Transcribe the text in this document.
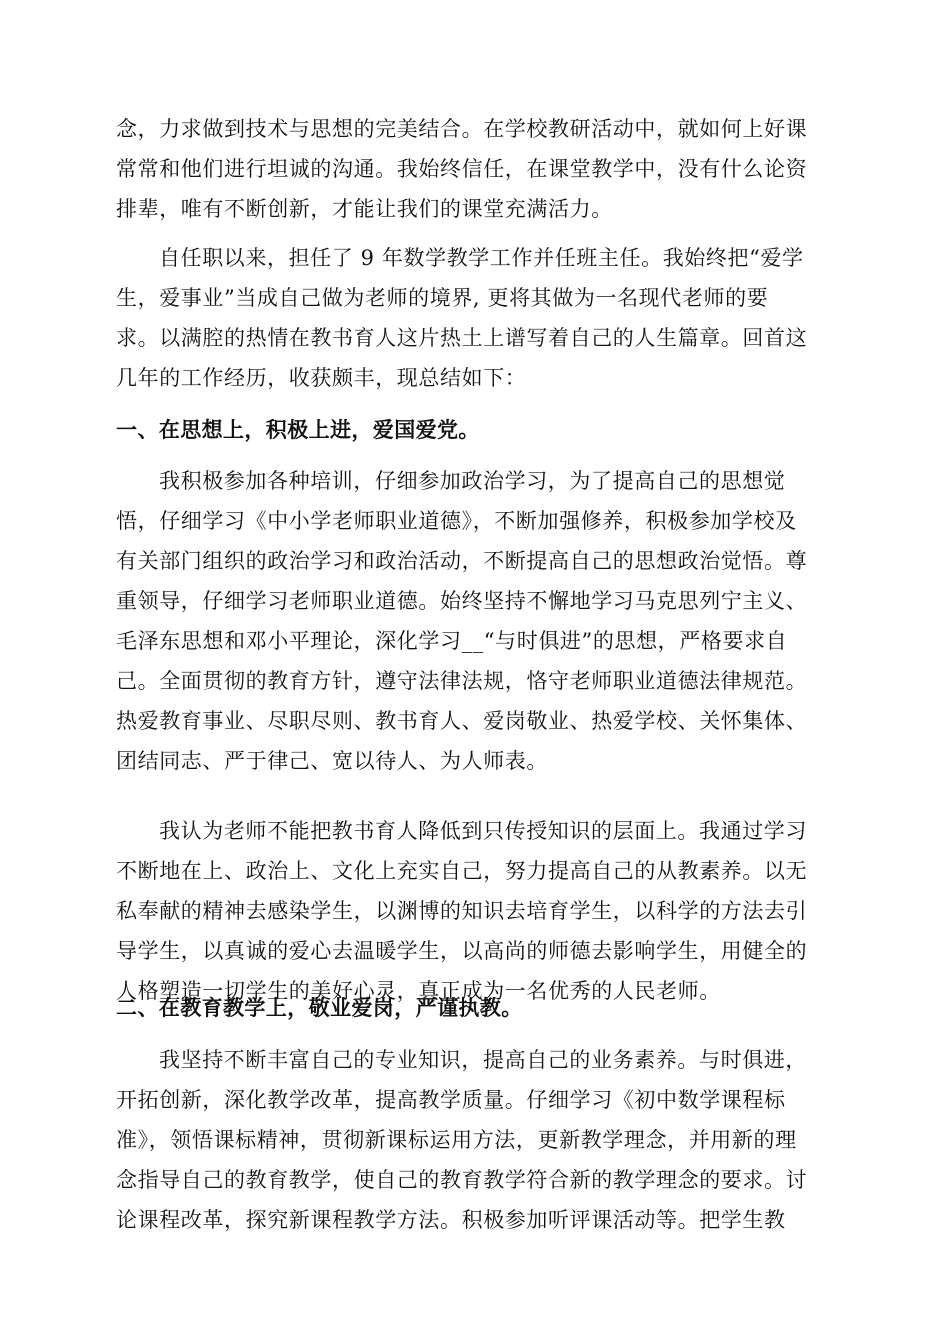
念，力求做到技术与思想的完美结合。在学校教研活动中，就如何上好课
常常和他们进行坦诚的沟通。我始终信任，在课堂教学中，没有什么论资
排辈，唯有不断创新，才能让我们的课堂充满活力。
自任职以来，担任了 9 年数学教学工作并任班主任。我始终把“爱学
生，爱事业”当成自己做为老师的境界, 更将其做为一名现代老师的要
求。以满腔的热情在教书育人这片热土上谱写着自己的人生篇章。回首这
几年的工作经历，收获颇丰，现总结如下：
一、在思想上，积极上进，爱国爱党。
我积极参加各种培训，仔细参加政治学习，为了提高自己的思想觉
悟，仔细学习《中小学老师职业道德》，不断加强修养，积极参加学校及
有关部门组织的政治学习和政治活动，不断提高自己的思想政治觉悟。尊
重领导，仔细学习老师职业道德。始终坚持不懈地学习马克思列宁主义、
毛泽东思想和邓小平理论，深化学习__“与时俱进”的思想，严格要求自
己。全面贯彻的教育方针，遵守法律法规，恪守老师职业道德法律规范。
热爱教育事业、尽职尽则、教书育人、爱岗敬业、热爱学校、关怀集体、
团结同志、严于律己、宽以待人、为人师表。
我认为老师不能把教书育人降低到只传授知识的层面上。我通过学习
不断地在上、政治上、文化上充实自己，努力提高自己的从教素养。以无
私奉献的精神去感染学生，以渊博的知识去培育学生，以科学的方法去引
导学生，以真诚的爱心去温暖学生，以高尚的师德去影响学生，用健全的
人格塑造一切学生的美好心灵，真正成为一名优秀的人民老师。
二、在教育教学上，敬业爱岗，严谨执教。
我坚持不断丰富自己的专业知识，提高自己的业务素养。与时俱进，
开拓创新，深化教学改革，提高教学质量。仔细学习《初中数学课程标
准》，领悟课标精神，贯彻新课标运用方法，更新教学理念，并用新的理
念指导自己的教育教学，使自己的教育教学符合新的教学理念的要求。讨
论课程改革，探究新课程教学方法。积极参加听评课活动等。把学生教
